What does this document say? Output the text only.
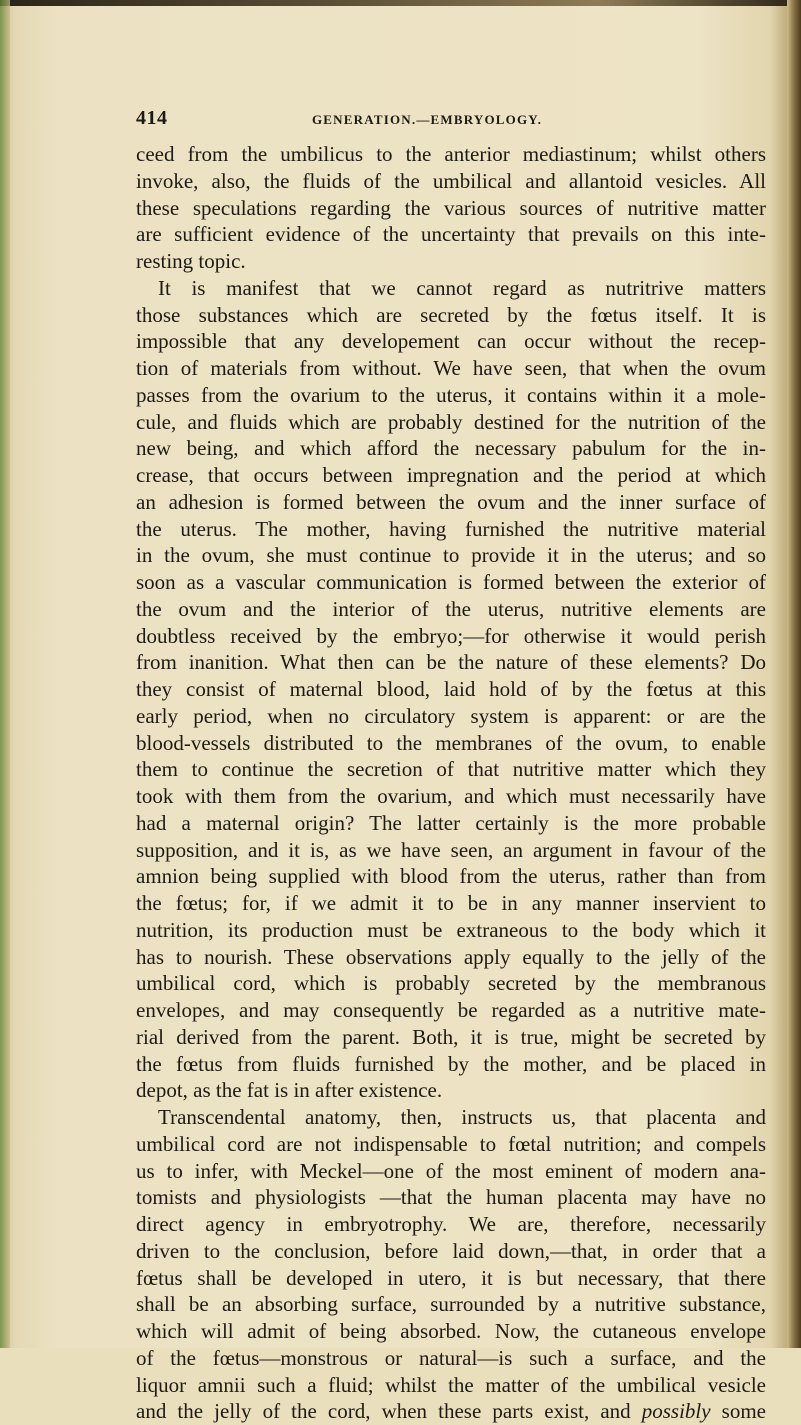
414	GENERATION.—EMBRYOLOGY.
ceed from the umbilicus to the anterior mediastinum; whilst others
invoke, also, the fluids of the umbilical and allantoid vesicles. All
these speculations regarding the various sources of nutritive matter
are sufficient evidence of the uncertainty that prevails on this inte-
resting topic.
It is manifest that we cannot regard as nutritrive matters
those substances which are secreted by the fœtus itself. It is
impossible that any developement can occur without the recep-
tion of materials from without. We have seen, that when the ovum
passes from the ovarium to the uterus, it contains within it a mole-
cule, and fluids which are probably destined for the nutrition of the
new being, and which afford the necessary pabulum for the in-
crease, that occurs between impregnation and the period at which
an adhesion is formed between the ovum and the inner surface of
the uterus. The mother, having furnished the nutritive material
in the ovum, she must continue to provide it in the uterus; and so
soon as a vascular communication is formed between the exterior of
the ovum and the interior of the uterus, nutritive elements are
doubtless received by the embryo;—for otherwise it would perish
from inanition. What then can be the nature of these elements? Do
they consist of maternal blood, laid hold of by the fœtus at this
early period, when no circulatory system is apparent: or are the
blood-vessels distributed to the membranes of the ovum, to enable
them to continue the secretion of that nutritive matter which they
took with them from the ovarium, and which must necessarily have
had a maternal origin? The latter certainly is the more probable
supposition, and it is, as we have seen, an argument in favour of the
amnion being supplied with blood from the uterus, rather than from
the fœtus; for, if we admit it to be in any manner inservient to
nutrition, its production must be extraneous to the body which it
has to nourish. These observations apply equally to the jelly of the
umbilical cord, which is probably secreted by the membranous
envelopes, and may consequently be regarded as a nutritive mate-
rial derived from the parent. Both, it is true, might be secreted by
the fœtus from fluids furnished by the mother, and be placed in
depot, as the fat is in after existence.
Transcendental anatomy, then, instructs us, that placenta and
umbilical cord are not indispensable to fœtal nutrition; and compels
us to infer, with Meckel—one of the most eminent of modern ana-
tomists and physiologists —that the human placenta may have no
direct agency in embryotrophy. We are, therefore, necessarily
driven to the conclusion, before laid down,—that, in order that a
fœtus shall be developed in utero, it is but necessary, that there
shall be an absorbing surface, surrounded by a nutritive substance,
which will admit of being absorbed. Now, the cutaneous envelope
of the fœtus—monstrous or natural—is such a surface, and the
liquor amnii such a fluid; whilst the matter of the umbilical vesicle
and the jelly of the cord, when these parts exist, and possibly some
